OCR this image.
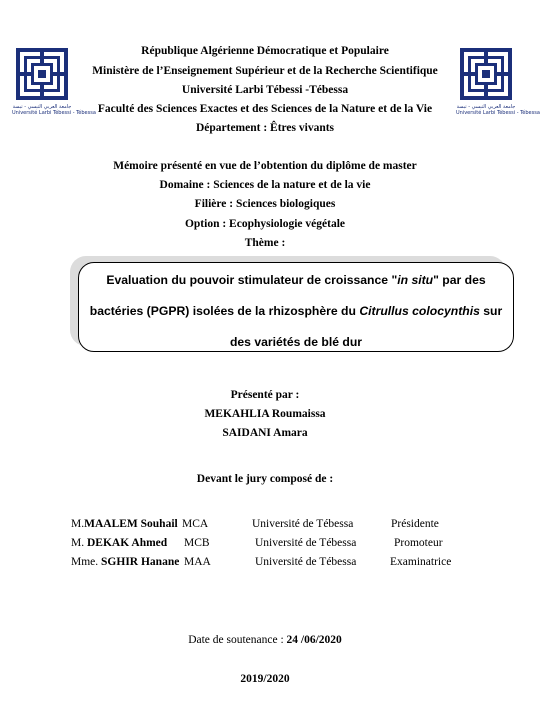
جامعة العربي التبسي - تبسة
Université Larbi Tébessi - Tébessa
جامعة العربي التبسي - تبسة
Université Larbi Tébessi - Tébessa
République Algérienne Démocratique et Populaire
Ministère de l’Enseignement Supérieur et de la Recherche Scientifique
Université Larbi Tébessi -Tébessa
Faculté des Sciences Exactes et des Sciences de la Nature et de la Vie
Département : Êtres vivants
Mémoire présenté en vue de l’obtention du diplôme de master
Domaine : Sciences de la nature et de la vie
Filière : Sciences biologiques
Option : Ecophysiologie végétale
Thème :
Evaluation du pouvoir stimulateur de croissance "in situ" par des bactéries (PGPR) isolées de la rhizosphère du Citrullus colocynthis sur des variétés de blé dur
Présenté par :
MEKAHLIA Roumaissa
SAIDANI Amara
Devant le jury composé de :
M.MAALEM Souhail MCA	Université de Tébessa	Présidente
M. DEKAK Ahmed MCB	Université de Tébessa	Promoteur
Mme. SGHIR Hanane MAA	Université de Tébessa	Examinatrice
Date de soutenance : 24 /06/2020
2019/2020
